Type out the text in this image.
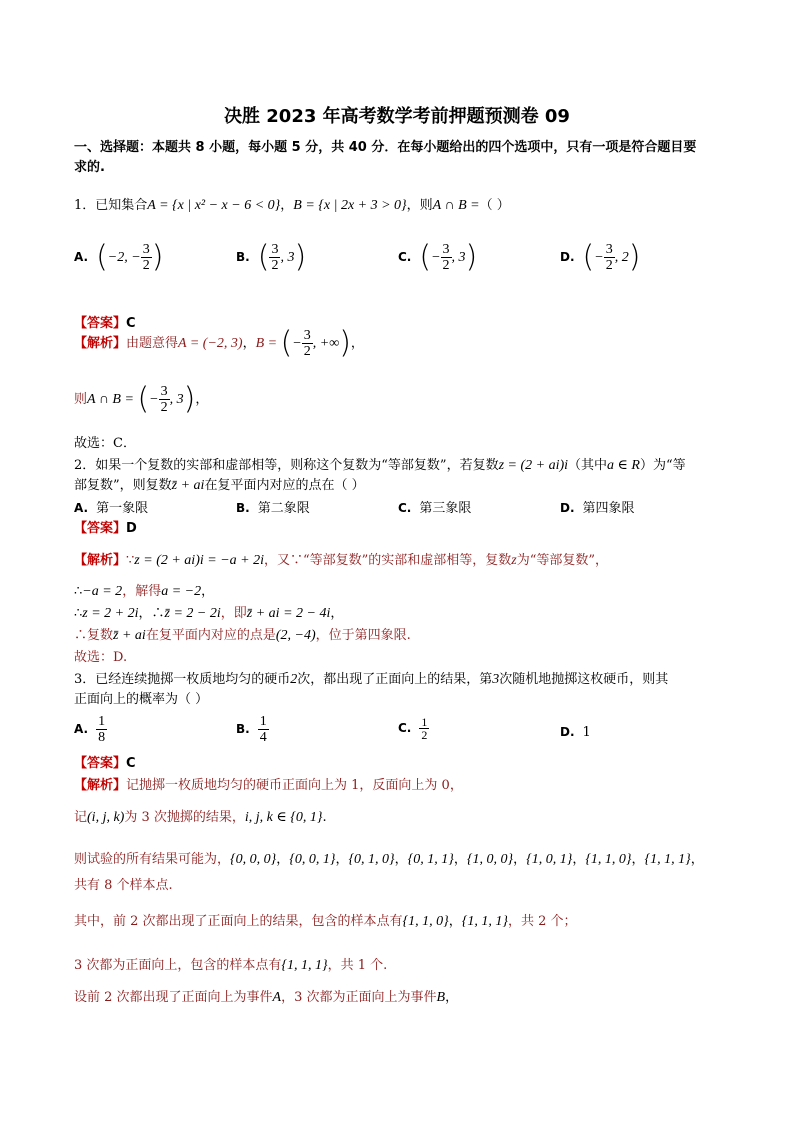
决胜 2023 年高考数学考前押题预测卷 09
一、选择题：本题共 8 小题，每小题 5 分，共 40 分．在每小题给出的四个选项中，只有一项是符合题目要
求的.
1．已知集合A = {x | x² − x − 6 < 0}，B = {x | 2x + 3 > 0}，则A ∩ B =（ ）
A. (−2, − $\frac{3}{2}$ )	B. ( $\frac{3}{2}$ , 3)	C. (− $\frac{3}{2}$ , 3)	D. (− $\frac{3}{2}$ , 2)
【答案】C
【解析】由题意得A = (−2, 3)，B = (− $\frac{3}{2}$ , +∞)，
则A ∩ B = (− $\frac{3}{2}$ , 3)，
故选：C．
2．如果一个复数的实部和虚部相等，则称这个复数为“等部复数”，若复数z = (2 + ai)i（其中a ∈ R）为“等
部复数”，则复数z̄ + ai在复平面内对应的点在（ ）
A. 第一象限	B. 第二象限	C. 第三象限	D. 第四象限
【答案】D
【解析】∵z = (2 + ai)i = −a + 2i，又∵“等部复数”的实部和虚部相等，复数z为“等部复数”，
∴−a = 2，解得a = −2，
∴z = 2 + 2i，∴z̄ = 2 − 2i，即z̄ + ai = 2 − 4i，
∴复数z̄ + ai在复平面内对应的点是(2, −4)，位于第四象限.
故选：D.
3．已经连续抛掷一枚质地均匀的硬币2次，都出现了正面向上的结果，第3次随机地抛掷这枚硬币，则其
正面向上的概率为（ ）
A. $\frac{1}{8}$	B. $\frac{1}{4}$	C. $\frac{1}{2}$	D. 1
【答案】C
【解析】记抛掷一枚质地均匀的硬币正面向上为 1，反面向上为 0，
记(i, j, k)为 3 次抛掷的结果，i, j, k ∈ {0, 1}.
则试验的所有结果可能为，{0, 0, 0}，{0, 0, 1}，{0, 1, 0}，{0, 1, 1}，{1, 0, 0}，{1, 0, 1}，{1, 1, 0}，{1, 1, 1}，
共有 8 个样本点.
其中，前 2 次都出现了正面向上的结果，包含的样本点有{1, 1, 0}，{1, 1, 1}，共 2 个；
3 次都为正面向上，包含的样本点有{1, 1, 1}，共 1 个.
设前 2 次都出现了正面向上为事件A，3 次都为正面向上为事件B，
